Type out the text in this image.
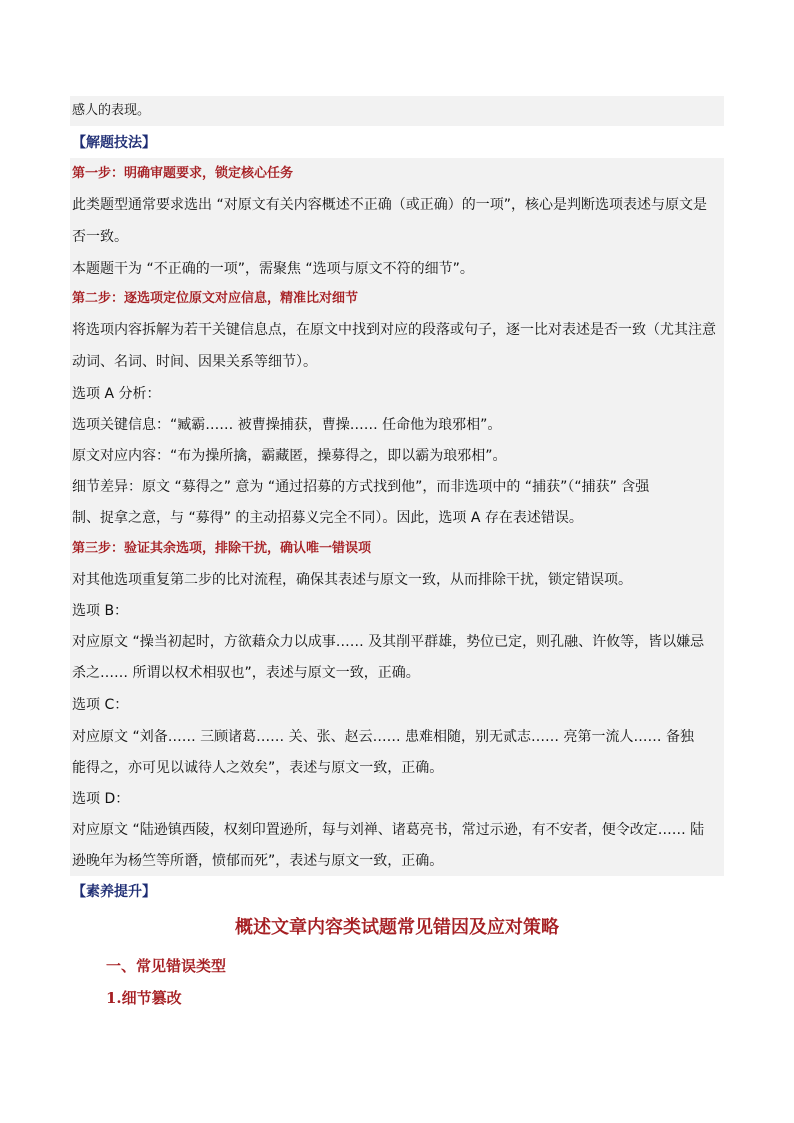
感人的表现。
【解题技法】
第一步：明确审题要求，锁定核心任务
此类题型通常要求选出 “对原文有关内容概述不正确（或正确）的一项”，核心是判断选项表述与原文是
否一致。
本题题干为 “不正确的一项”，需聚焦 “选项与原文不符的细节”。
第二步：逐选项定位原文对应信息，精准比对细节
将选项内容拆解为若干关键信息点，在原文中找到对应的段落或句子，逐一比对表述是否一致（尤其注意
动词、名词、时间、因果关系等细节）。
选项 A 分析：
选项关键信息：“臧霸…… 被曹操捕获，曹操…… 任命他为琅邪相”。
原文对应内容：“布为操所擒，霸藏匿，操募得之，即以霸为琅邪相”。
细节差异：原文 “募得之” 意为 “通过招募的方式找到他”，而非选项中的 “捕获”（“捕获” 含强
制、捉拿之意，与 “募得” 的主动招募义完全不同）。因此，选项 A 存在表述错误。
第三步：验证其余选项，排除干扰，确认唯一错误项
对其他选项重复第二步的比对流程，确保其表述与原文一致，从而排除干扰，锁定错误项。
选项 B：
对应原文 “操当初起时，方欲藉众力以成事…… 及其削平群雄，势位已定，则孔融、许攸等，皆以嫌忌
杀之…… 所谓以权术相驭也”，表述与原文一致，正确。
选项 C：
对应原文 “刘备…… 三顾诸葛…… 关、张、赵云…… 患难相随，别无贰志…… 亮第一流人…… 备独
能得之，亦可见以诚待人之效矣”，表述与原文一致，正确。
选项 D：
对应原文 “陆逊镇西陵，权刻印置逊所，每与刘禅、诸葛亮书，常过示逊，有不安者，便令改定…… 陆
逊晚年为杨竺等所谮，愤郁而死”，表述与原文一致，正确。
【素养提升】
概述文章内容类试题常见错因及应对策略
一、常见错误类型
1.细节篡改
